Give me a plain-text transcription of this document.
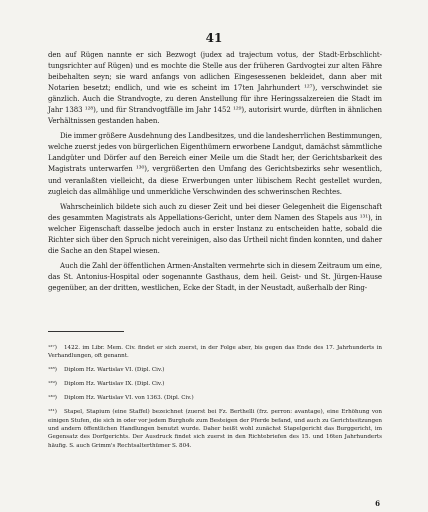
41

den auf Rügen nannte er sich Bezwogt (judex ad trajectum votus, der Stadt-Erbschlicht-tungsrichter auf Rügen) und es mochte die Stelle aus der früheren Gardvogtei zur alten Fähre beibehalten seyn; sie ward anfangs von adlichen Eingesessenen bekleidet, dann aber mit Notarien besetzt; endlich, und wie es scheint im 17ten Jahrhundert ¹²⁷), verschwindet sie gänzlich. Auch die Strandvogte, zu deren Anstellung für ihre Heringssalzereien die Stadt im Jahr 1383 ¹²⁸), und für Strandvogtfälle im Jahr 1452 ¹²⁹), autorisirt wurde, dürften in ähnlichen Verhältnissen gestanden haben.

Die immer größere Ausdehnung des Landbesitzes, und die landesherrlichen Bestimmungen, welche zuerst jedes von bürgerlichen Eigenthümern erworbene Landgut, damächst sämmtliche Landgüter und Dörfer auf den Bereich einer Meile um die Stadt her, der Gerichtsbarkeit des Magistrats unterwarfen ¹³⁰), vergrößerten den Umfang des Gerichtsbezirks sehr wesentlich, und veranlaßten vielleicht, da diese Erwerbungen unter lübischem Recht gestellet wurden, zugleich das allmählige und unmerkliche Verschwinden des schwerinschen Rechtes.

Wahrscheinlich bildete sich auch zu dieser Zeit und bei dieser Gelegenheit die Eigenschaft des gesammten Magistrats als Appellations-Gericht, unter dem Namen des Stapels aus ¹³¹), in welcher Eigenschaft dasselbe jedoch auch in erster Instanz zu entscheiden hatte, sobald die Richter sich über den Spruch nicht vereinigen, also das Urtheil nicht finden konnten, und daher die Sache an den Stapel wiesen.

Auch die Zahl der öffentlichen Armen-Anstalten vermehrte sich in diesem Zeitraum um eine, das St. Antonius-Hospital oder sogenannte Gasthaus, dem heil. Geist- und St. Jürgen-Hause gegenüber, an der dritten, westlichen, Ecke der Stadt, in der Neustadt, außerhalb der Ring-

¹²⁷) 1422. im Libr. Mem. Civ. findet er sich zuerst, in der Folge aber, bis gegen das Ende des 17. Jahrhunderts in Verhandlungen, oft genannt.

¹²⁸) Diplom Hz. Wartislav VI. (Dipl. Civ.)

¹²⁹) Diplom Hz. Wartislav IX. (Dipl. Civ.)

¹³⁰) Diplom Hz. Wartislav VI. von 1363. (Dipl. Civ.)

¹³¹) Stapel, Stapium (eine Staffel) bezeichnet (zuerst bei Fz. Berthelli (frz. perron: avantage), eine Erhöhung von einigen Stufen, die sich in oder vor jedem Burghofe zum Besteigen der Pferde befand, und auch zu Gerichtssitzungen und andern öffentlichen Handlungen benutzt wurde. Daher heißt wohl zunächst Stapelgericht das Burggericht, im Gegensatz des Dorfgerichts. Der Ausdruck findet sich zuerst in den Richtebriefen des 15. und 16ten Jahrhunderts häufig. S. auch Grimm's Rechtsalterthümer S. 804.

6
